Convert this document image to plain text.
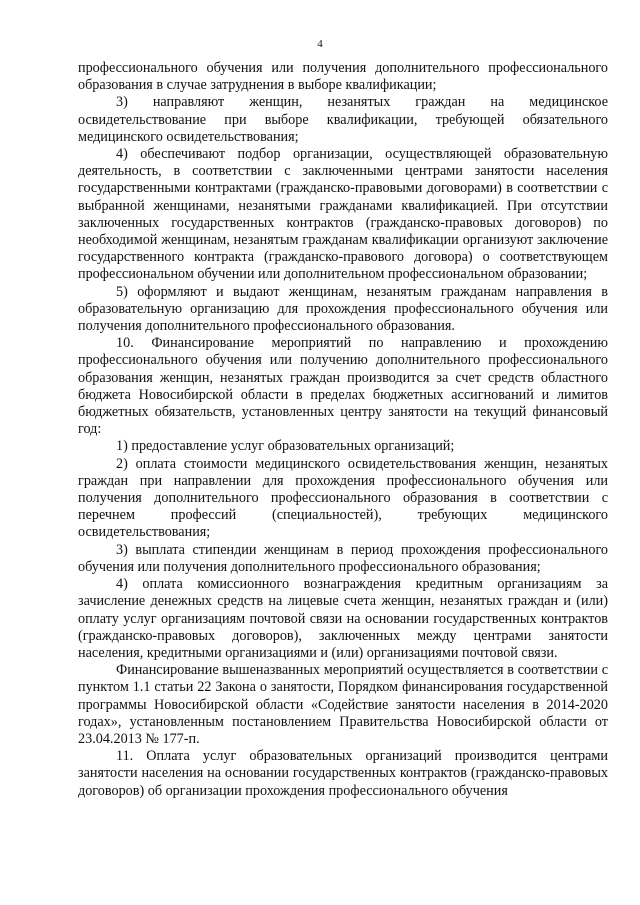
4

профессионального обучения или получения дополнительного профессионального образования в случае затруднения в выборе квалификации;

3) направляют женщин, незанятых граждан на медицинское освидетельствование при выборе квалификации, требующей обязательного медицинского освидетельствования;

4) обеспечивают подбор организации, осуществляющей образовательную деятельность, в соответствии с заключенными центрами занятости населения государственными контрактами (гражданско-правовыми договорами) в соответствии с выбранной женщинами, незанятыми гражданами квалификацией. При отсутствии заключенных государственных контрактов (гражданско-правовых договоров) по необходимой женщинам, незанятым гражданам квалификации организуют заключение государственного контракта (гражданско-правового договора) о соответствующем профессиональном обучении или дополнительном профессиональном образовании;

5) оформляют и выдают женщинам, незанятым гражданам направления в образовательную организацию для прохождения профессионального обучения или получения дополнительного профессионального образования.

10. Финансирование мероприятий по направлению и прохождению профессионального обучения или получению дополнительного профессионального образования женщин, незанятых граждан производится за счет средств областного бюджета Новосибирской области в пределах бюджетных ассигнований и лимитов бюджетных обязательств, установленных центру занятости на текущий финансовый год:

1) предоставление услуг образовательных организаций;

2) оплата стоимости медицинского освидетельствования женщин, незанятых граждан при направлении для прохождения профессионального обучения или получения дополнительного профессионального образования в соответствии с перечнем профессий (специальностей), требующих медицинского освидетельствования;

3) выплата стипендии женщинам в период прохождения профессионального обучения или получения дополнительного профессионального образования;

4) оплата комиссионного вознаграждения кредитным организациям за зачисление денежных средств на лицевые счета женщин, незанятых граждан и (или) оплату услуг организациям почтовой связи на основании государственных контрактов (гражданско-правовых договоров), заключенных между центрами занятости населения, кредитными организациями и (или) организациями почтовой связи.

Финансирование вышеназванных мероприятий осуществляется в соответствии с пунктом 1.1 статьи 22 Закона о занятости, Порядком финансирования государственной программы Новосибирской области «Содействие занятости населения в 2014-2020 годах», установленным постановлением Правительства Новосибирской области от 23.04.2013 № 177-п.

11. Оплата услуг образовательных организаций производится центрами занятости населения на основании государственных контрактов (гражданско-правовых договоров) об организации прохождения профессионального обучения
